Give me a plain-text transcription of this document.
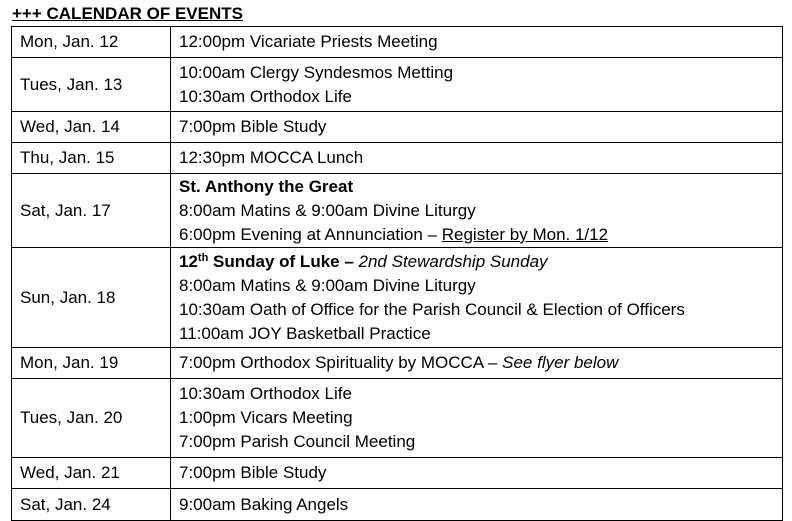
+++ CALENDAR OF EVENTS
Mon, Jan. 12	12:00pm Vicariate Priests Meeting

Tues, Jan. 13	10:00am Clergy Syndesmos Metting
10:30am Orthodox Life

Wed, Jan. 14	7:00pm Bible Study

Thu, Jan. 15	12:30pm MOCCA Lunch

Sat, Jan. 17	St. Anthony the Great
8:00am Matins & 9:00am Divine Liturgy
6:00pm Evening at Annunciation – Register by Mon. 1/12

Sun, Jan. 18	12th Sunday of Luke – 2nd Stewardship Sunday
8:00am Matins & 9:00am Divine Liturgy
10:30am Oath of Office for the Parish Council & Election of Officers
11:00am JOY Basketball Practice

Mon, Jan. 19	7:00pm Orthodox Spirituality by MOCCA – See flyer below

Tues, Jan. 20	10:30am Orthodox Life
1:00pm Vicars Meeting
7:00pm Parish Council Meeting

Wed, Jan. 21	7:00pm Bible Study

Sat, Jan. 24	9:00am Baking Angels
